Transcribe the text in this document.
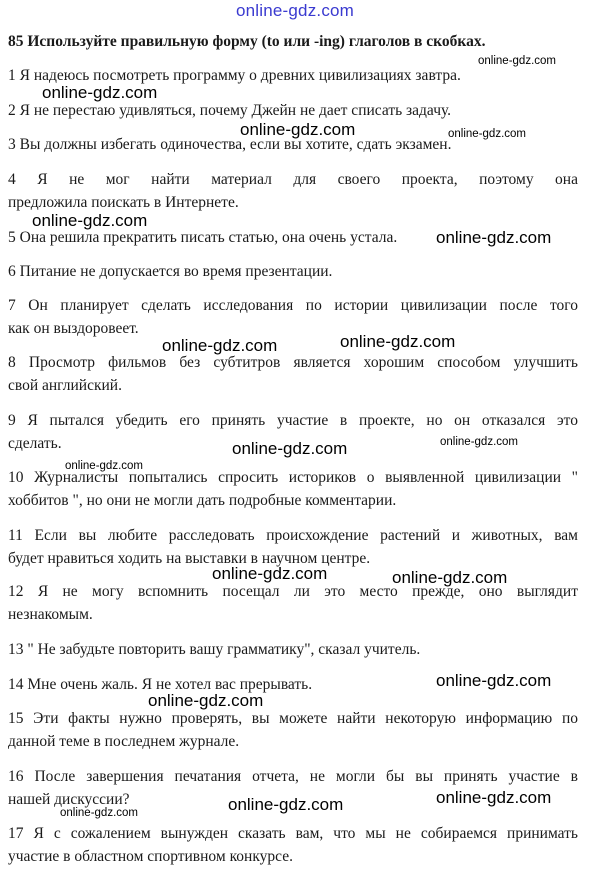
online-gdz.com
85 Используйте правильную форму (to или -ing) глаголов в скобках.
1 Я надеюсь посмотреть программу о древних цивилизациях завтра.
2 Я не перестаю удивляться, почему Джейн не дает списать задачу.
3 Вы должны избегать одиночества, если вы хотите, сдать экзамен.
4 Я не мог найти материал для своего проекта, поэтому она
предложила поискать в Интернете.
5 Она решила прекратить писать статью, она очень устала.
6 Питание не допускается во время презентации.
7 Он планирует сделать исследования по истории цивилизации после того
как он выздоровеет.
8 Просмотр фильмов без субтитров является хорошим способом улучшить
свой английский.
9 Я пытался убедить его принять участие в проекте, но он отказался это
сделать.
10 Журналисты попытались спросить историков о выявленной цивилизации "
хоббитов ", но они не могли дать подробные комментарии.
11 Если вы любите расследовать происхождение растений и животных, вам
будет нравиться ходить на выставки в научном центре.
12 Я не могу вспомнить посещал ли это место прежде, оно выглядит
незнакомым.
13 " Не забудьте повторить вашу грамматику", сказал учитель.
14 Мне очень жаль. Я не хотел вас прерывать.
15 Эти факты нужно проверять, вы можете найти некоторую информацию по
данной теме в последнем журнале.
16 После завершения печатания отчета, не могли бы вы принять участие в
нашей дискуссии?
17 Я с сожалением вынужден сказать вам, что мы не собираемся принимать
участие в областном спортивном конкурсе.
online-gdz.com
online-gdz.com
online-gdz.com	online-gdz.com
online-gdz.com
online-gdz.com
online-gdz.com
online-gdz.com
online-gdz.com	online-gdz.com
online-gdz.com
online-gdz.com	online-gdz.com
online-gdz.com
online-gdz.com
online-gdz.com
online-gdz.com
online-gdz.com
